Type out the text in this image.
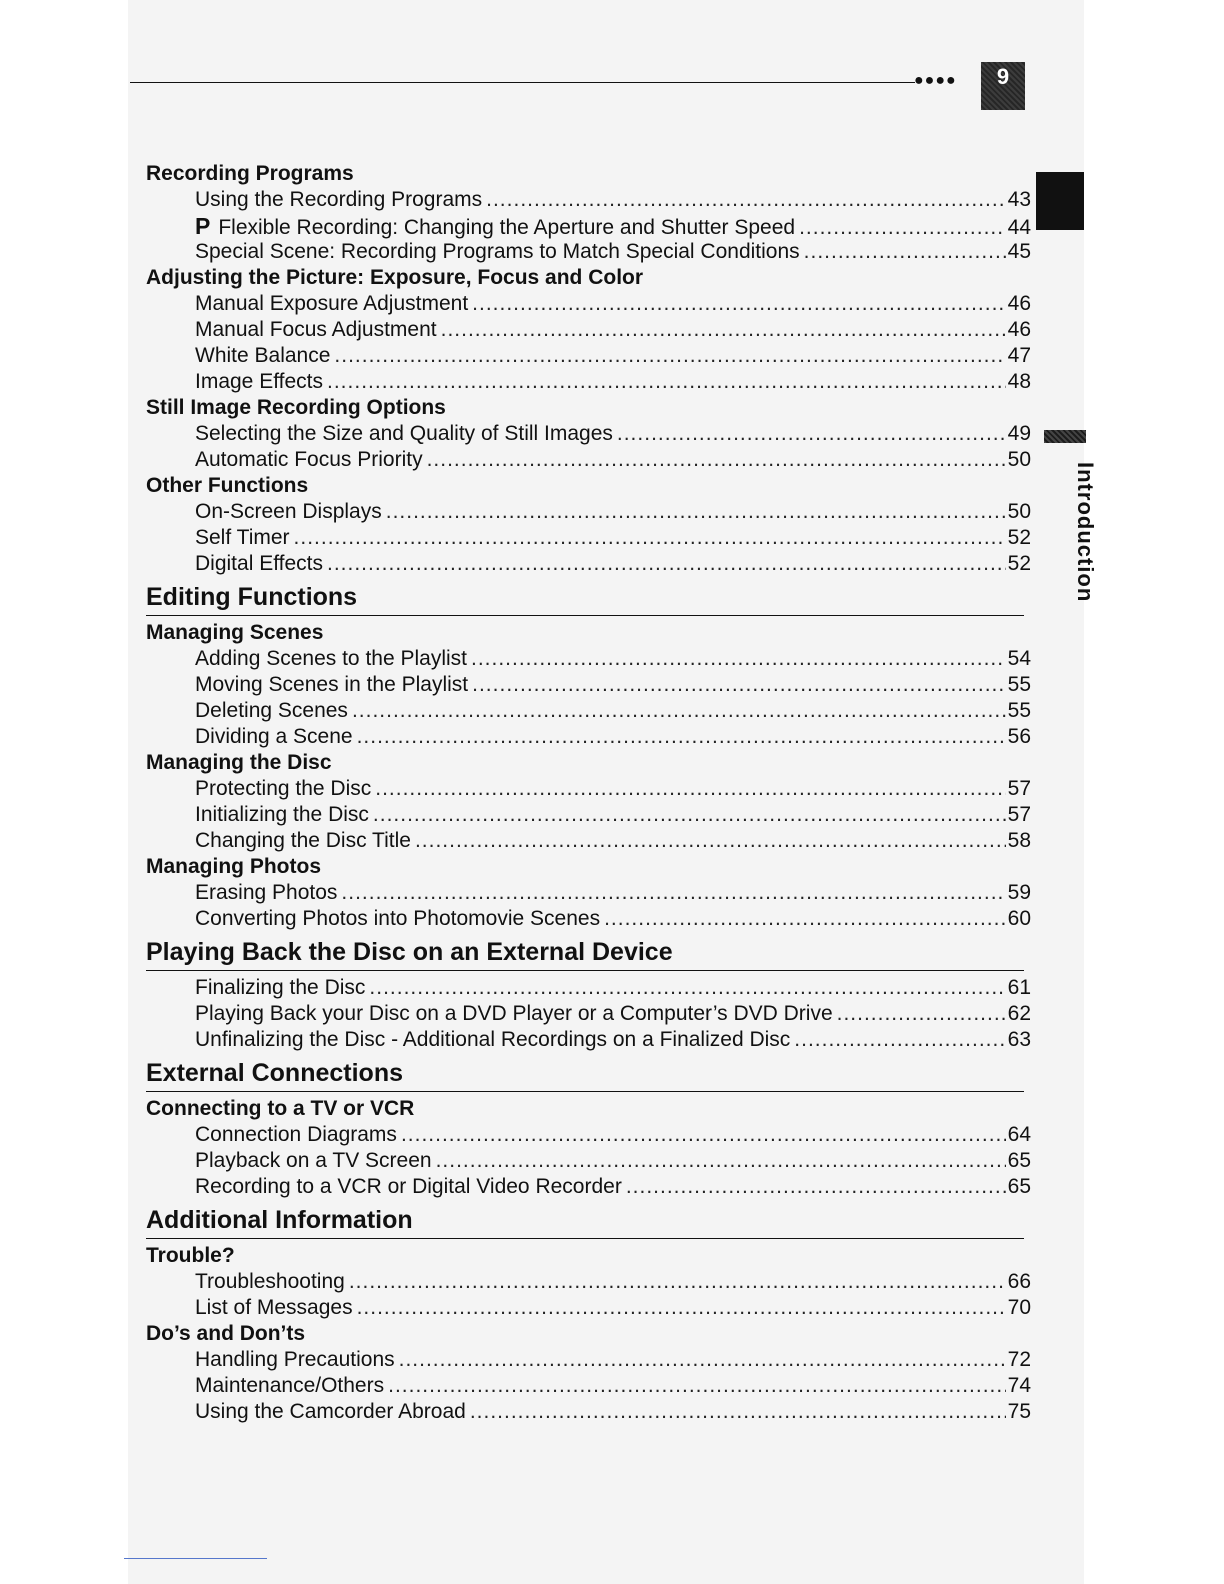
●●●● 9
Introduction
Recording Programs
Using the Recording Programs .....	43
P Flexible Recording: Changing the Aperture and Shutter Speed .....	44
Special Scene: Recording Programs to Match Special Conditions .....	45
Adjusting the Picture: Exposure, Focus and Color
Manual Exposure Adjustment .....	46
Manual Focus Adjustment .....	46
White Balance .....	47
Image Effects .....	48
Still Image Recording Options
Selecting the Size and Quality of Still Images .....	49
Automatic Focus Priority .....	50
Other Functions
On-Screen Displays .....	50
Self Timer .....	52
Digital Effects .....	52
Editing Functions
Managing Scenes
Adding Scenes to the Playlist .....	54
Moving Scenes in the Playlist .....	55
Deleting Scenes .....	55
Dividing a Scene .....	56
Managing the Disc
Protecting the Disc .....	57
Initializing the Disc .....	57
Changing the Disc Title .....	58
Managing Photos
Erasing Photos .....	59
Converting Photos into Photomovie Scenes .....	60
Playing Back the Disc on an External Device
Finalizing the Disc .....	61
Playing Back your Disc on a DVD Player or a Computer’s DVD Drive .....	62
Unfinalizing the Disc - Additional Recordings on a Finalized Disc .....	63
External Connections
Connecting to a TV or VCR
Connection Diagrams .....	64
Playback on a TV Screen .....	65
Recording to a VCR or Digital Video Recorder .....	65
Additional Information
Trouble?
Troubleshooting .....	66
List of Messages .....	70
Do’s and Don’ts
Handling Precautions .....	72
Maintenance/Others .....	74
Using the Camcorder Abroad .....	75
